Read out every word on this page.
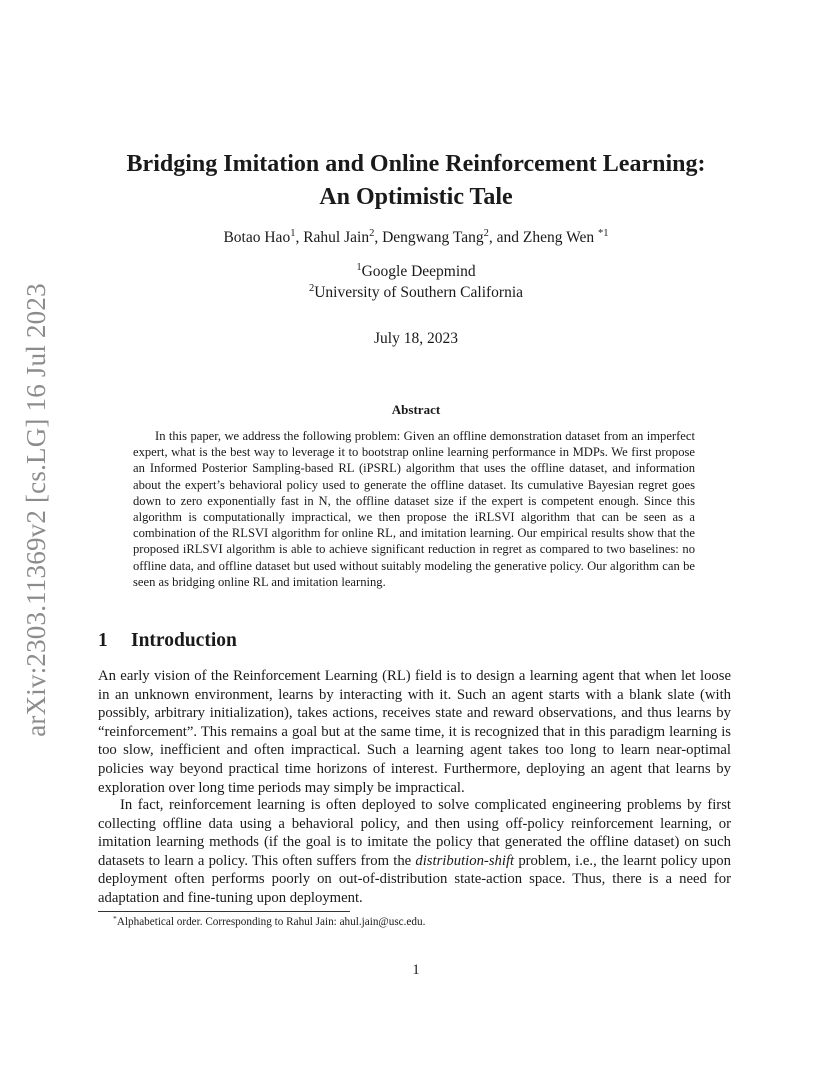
arXiv:2303.11369v2 [cs.LG] 16 Jul 2023
Bridging Imitation and Online Reinforcement Learning:
An Optimistic Tale
Botao Hao$^1$, Rahul Jain$^2$, Dengwang Tang$^2$, and Zheng Wen $^{*1}$
$^1$Google Deepmind
$^2$University of Southern California
July 18, 2023
Abstract
In this paper, we address the following problem: Given an offline demonstration dataset from an imperfect expert, what is the best way to leverage it to bootstrap online learning performance in MDPs. We first propose an Informed Posterior Sampling-based RL (iPSRL) algorithm that uses the offline dataset, and information about the expert’s behavioral policy used to generate the offline dataset. Its cumulative Bayesian regret goes down to zero exponentially fast in N, the offline dataset size if the expert is competent enough. Since this algorithm is computationally impractical, we then propose the iRLSVI algorithm that can be seen as a combination of the RLSVI algorithm for online RL, and imitation learning. Our empirical results show that the proposed iRLSVI algorithm is able to achieve significant reduction in regret as compared to two baselines: no offline data, and offline dataset but used without suitably modeling the generative policy. Our algorithm can be seen as bridging online RL and imitation learning.
1 Introduction
An early vision of the Reinforcement Learning (RL) field is to design a learning agent that when let loose in an unknown environment, learns by interacting with it. Such an agent starts with a blank slate (with possibly, arbitrary initialization), takes actions, receives state and reward observations, and thus learns by “reinforcement”. This remains a goal but at the same time, it is recognized that in this paradigm learning is too slow, inefficient and often impractical. Such a learning agent takes too long to learn near-optimal policies way beyond practical time horizons of interest. Furthermore, deploying an agent that learns by exploration over long time periods may simply be impractical.
In fact, reinforcement learning is often deployed to solve complicated engineering problems by first collecting offline data using a behavioral policy, and then using off-policy reinforcement learning, or imitation learning methods (if the goal is to imitate the policy that generated the offline dataset) on such datasets to learn a policy. This often suffers from the distribution-shift problem, i.e., the learnt policy upon deployment often performs poorly on out-of-distribution state-action space. Thus, there is a need for adaptation and fine-tuning upon deployment.
*Alphabetical order. Corresponding to Rahul Jain: ahul.jain@usc.edu.
1
